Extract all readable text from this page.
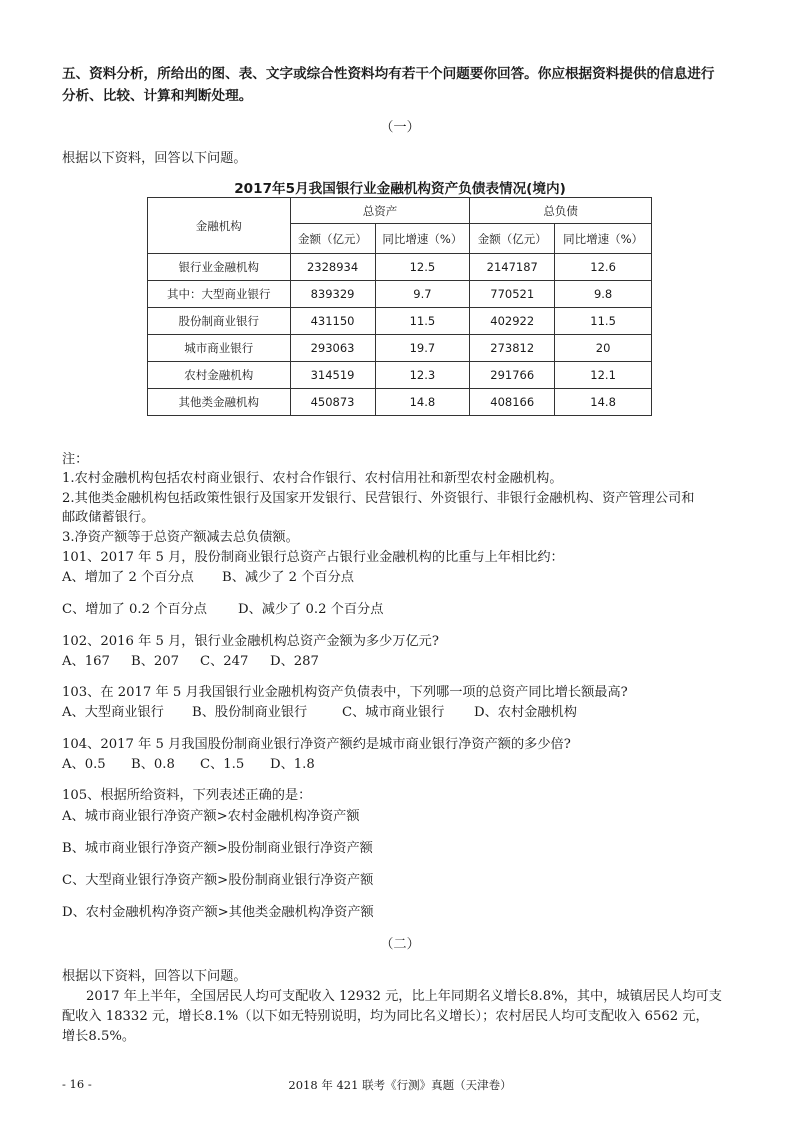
五、资料分析，所给出的图、表、文字或综合性资料均有若干个问题要你回答。你应根据资料提供的信息进行
分析、比较、计算和判断处理。
（一）
根据以下资料，回答以下问题。
2017年5月我国银行业金融机构资产负债表情况(境内)
金融机构	总资产		总负债	
	金额（亿元）	同比增速（%）	金额（亿元）	同比增速（%）
银行业金融机构	2328934	12.5	2147187	12.6
其中：大型商业银行	839329	9.7	770521	9.8
股份制商业银行	431150	11.5	402922	11.5
城市商业银行	293063	19.7	273812	20
农村金融机构	314519	12.3	291766	12.1
其他类金融机构	450873	14.8	408166	14.8
注：
1.农村金融机构包括农村商业银行、农村合作银行、农村信用社和新型农村金融机构。
2.其他类金融机构包括政策性银行及国家开发银行、民营银行、外资银行、非银行金融机构、资产管理公司和
邮政储蓄银行。
3.净资产额等于总资产额减去总负债额。
101、2017 年 5 月，股份制商业银行总资产占银行业金融机构的比重与上年相比约：
A、增加了 2 个百分点 B、减少了 2 个百分点
C、增加了 0.2 个百分点 D、减少了 0.2 个百分点
102、2016 年 5 月，银行业金融机构总资产金额为多少万亿元?
A、167 B、207 C、247 D、287
103、在 2017 年 5 月我国银行业金融机构资产负债表中，下列哪一项的总资产同比增长额最高?
A、大型商业银行 B、股份制商业银行	C、城市商业银行 D、农村金融机构
104、2017 年 5 月我国股份制商业银行净资产额约是城市商业银行净资产额的多少倍?
A、0.5 B、0.8 C、1.5 D、1.8
105、根据所给资料，下列表述正确的是：
A、城市商业银行净资产额>农村金融机构净资产额
B、城市商业银行净资产额>股份制商业银行净资产额
C、大型商业银行净资产额>股份制商业银行净资产额
D、农村金融机构净资产额>其他类金融机构净资产额
（二）
根据以下资料，回答以下问题。
2017 年上半年，全国居民人均可支配收入 12932 元，比上年同期名义增长8.8%，其中，城镇居民人均可支
配收入 18332 元，增长8.1%（以下如无特别说明，均为同比名义增长）；农村居民人均可支配收入 6562 元，
增长8.5%。
- 16 -	2018 年 421 联考《行测》真题（天津卷）
